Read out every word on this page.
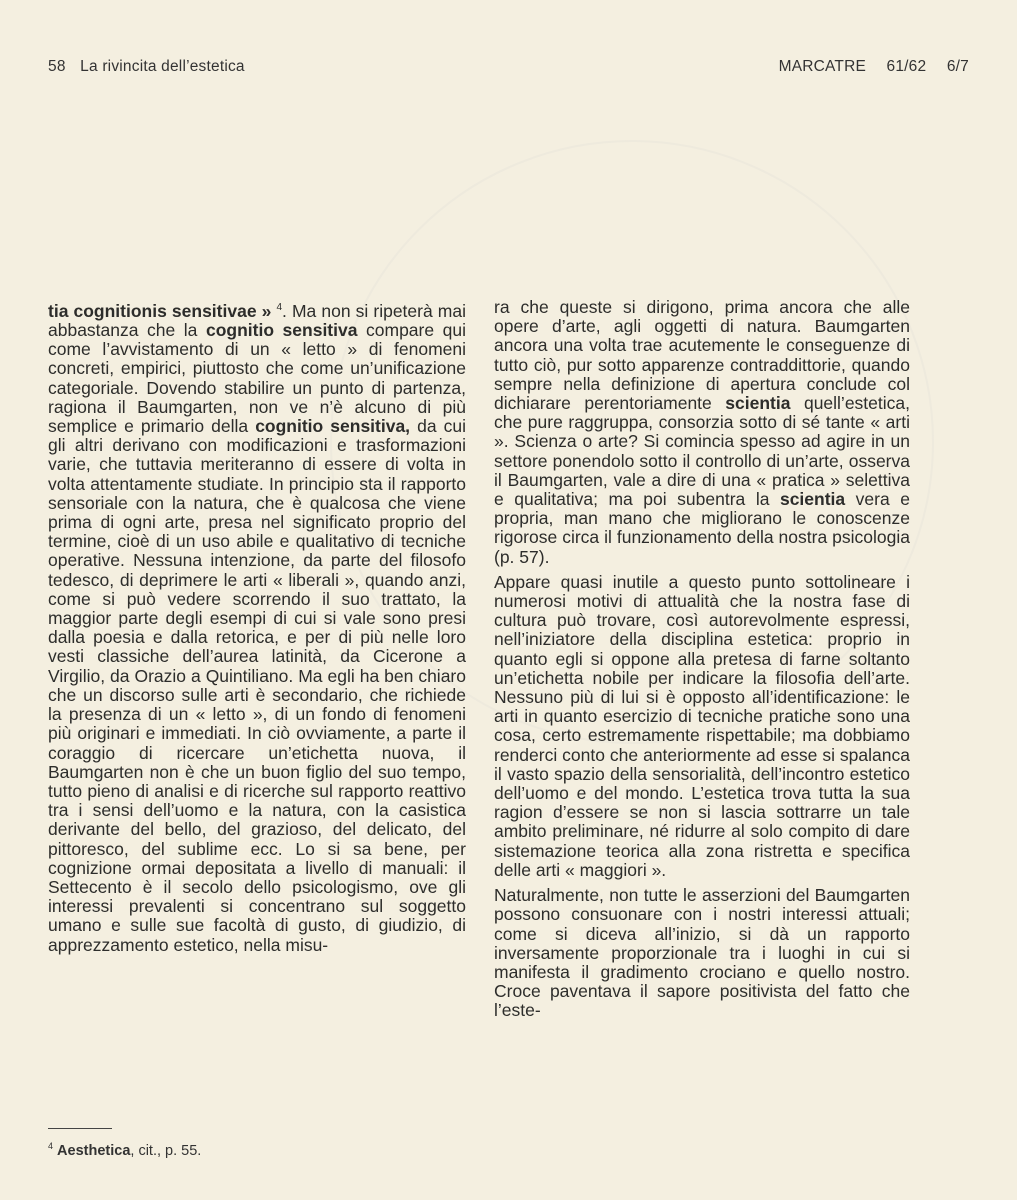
58 La rivincita dell’estetica	MARCATRE 61/62 6/7

tia cognitionis sensitivae » $^4$. Ma non si ripeterà mai abbastanza che la cognitio sensitiva compare qui come l’avvistamento di un « letto » di fenomeni concreti, empirici, piuttosto che come un’unificazione categoriale. Dovendo stabilire un punto di partenza, ragiona il Baumgarten, non ve n’è alcuno di più semplice e primario della cognitio sensitiva, da cui gli altri derivano con modificazioni e trasformazioni varie, che tuttavia meriteranno di essere di volta in volta attentamente studiate. In principio sta il rapporto sensoriale con la natura, che è qualcosa che viene prima di ogni arte, presa nel significato proprio del termine, cioè di un uso abile e qualitativo di tecniche operative. Nessuna intenzione, da parte del filosofo tedesco, di deprimere le arti « liberali », quando anzi, come si può vedere scorrendo il suo trattato, la maggior parte degli esempi di cui si vale sono presi dalla poesia e dalla retorica, e per di più nelle loro vesti classiche dell’aurea latinità, da Cicerone a Virgilio, da Orazio a Quintiliano. Ma egli ha ben chiaro che un discorso sulle arti è secondario, che richiede la presenza di un « letto », di un fondo di fenomeni più originari e immediati. In ciò ovviamente, a parte il coraggio di ricercare un’etichetta nuova, il Baumgarten non è che un buon figlio del suo tempo, tutto pieno di analisi e di ricerche sul rapporto reattivo tra i sensi dell’uomo e la natura, con la casistica derivante del bello, del grazioso, del delicato, del pittoresco, del sublime ecc. Lo si sa bene, per cognizione ormai depositata a livello di manuali: il Settecento è il secolo dello psicologismo, ove gli interessi prevalenti si concentrano sul soggetto umano e sulle sue facoltà di gusto, di giudizio, di apprezzamento estetico, nella misu-

ra che queste si dirigono, prima ancora che alle opere d’arte, agli oggetti di natura. Baumgarten ancora una volta trae acutemente le conseguenze di tutto ciò, pur sotto apparenze contraddittorie, quando sempre nella definizione di apertura conclude col dichiarare perentoriamente scientia quell’estetica, che pure raggruppa, consorzia sotto di sé tante « arti ». Scienza o arte? Si comincia spesso ad agire in un settore ponendolo sotto il controllo di un’arte, osserva il Baumgarten, vale a dire di una « pratica » selettiva e qualitativa; ma poi subentra la scientia vera e propria, man mano che migliorano le conoscenze rigorose circa il funzionamento della nostra psicologia (p. 57).

Appare quasi inutile a questo punto sottolineare i numerosi motivi di attualità che la nostra fase di cultura può trovare, così autorevolmente espressi, nell’iniziatore della disciplina estetica: proprio in quanto egli si oppone alla pretesa di farne soltanto un’etichetta nobile per indicare la filosofia dell’arte. Nessuno più di lui si è opposto all’identificazione: le arti in quanto esercizio di tecniche pratiche sono una cosa, certo estremamente rispettabile; ma dobbiamo renderci conto che anteriormente ad esse si spalanca il vasto spazio della sensorialità, dell’incontro estetico dell’uomo e del mondo. L’estetica trova tutta la sua ragion d’essere se non si lascia sottrarre un tale ambito preliminare, né ridurre al solo compito di dare sistemazione teorica alla zona ristretta e specifica delle arti « maggiori ».

Naturalmente, non tutte le asserzioni del Baumgarten possono consuonare con i nostri interessi attuali; come si diceva all’inizio, si dà un rapporto inversamente proporzionale tra i luoghi in cui si manifesta il gradimento crociano e quello nostro. Croce paventava il sapore positivista del fatto che l’este-

$^4$ Aesthetica, cit., p. 55.
